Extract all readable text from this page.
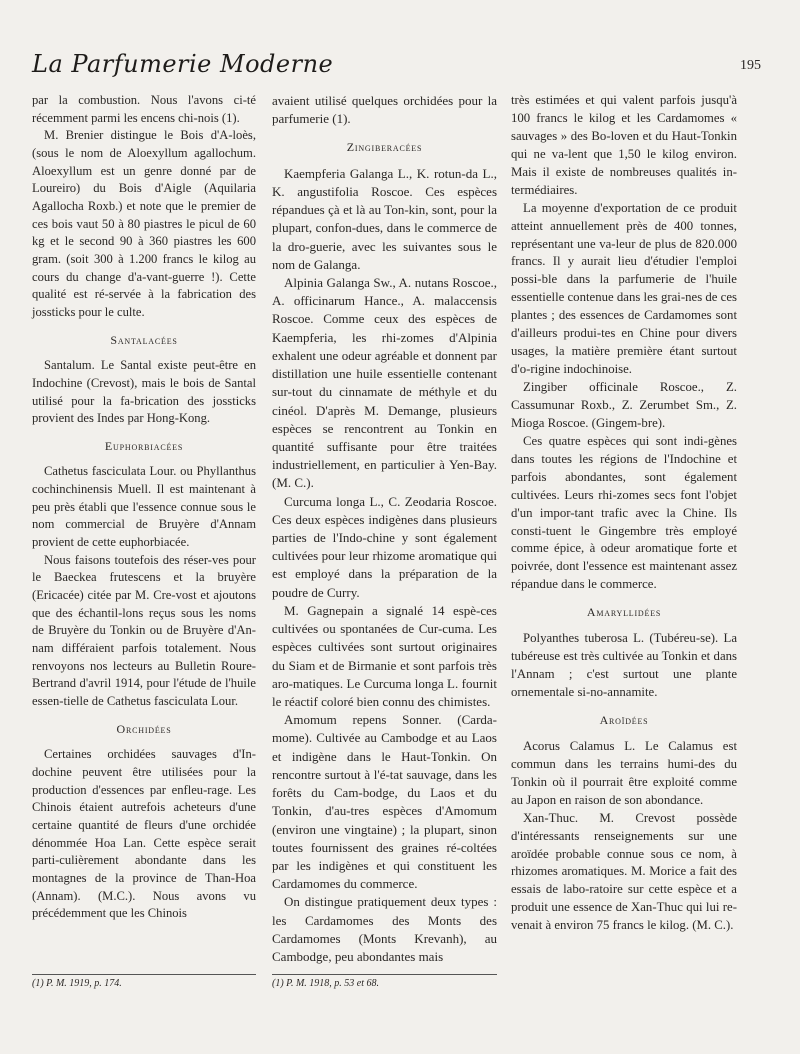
La Parfumerie Moderne	195

par la combustion. Nous l'avons ci-té récemment parmi les encens chi-nois (1).

M. Brenier distingue le Bois d'A-loès, (sous le nom de Aloexyllum agallochum. Aloexyllum est un genre donné par de Loureiro) du Bois d'Aigle (Aquilaria Agallocha Roxb.) et note que le premier de ces bois vaut 50 à 80 piastres le picul de 60 kg et le second 90 à 360 piastres les 600 gram. (soit 300 à 1.200 francs le kilog au cours du change d'a-vant-guerre !). Cette qualité est ré-servée à la fabrication des jossticks pour le culte.

Santalacées

Santalum. Le Santal existe peut-être en Indochine (Crevost), mais le bois de Santal utilisé pour la fa-brication des jossticks provient des Indes par Hong-Kong.

Euphorbiacées

Cathetus fasciculata Lour. ou Phyllanthus cochinchinensis Muell. Il est maintenant à peu près établi que l'essence connue sous le nom commercial de Bruyère d'Annam provient de cette euphorbiacée.

Nous faisons toutefois des réser-ves pour le Baeckea frutescens et la bruyère (Ericacée) citée par M. Cre-vost et ajoutons que des échantil-lons reçus sous les noms de Bruyère du Tonkin ou de Bruyère d'An-nam différaient parfois totalement. Nous renvoyons nos lecteurs au Bulletin Roure-Bertrand d'avril 1914, pour l'étude de l'huile essen-tielle de Cathetus fasciculata Lour.

Orchidées

Certaines orchidées sauvages d'In-dochine peuvent être utilisées pour la production d'essences par enfleu-rage. Les Chinois étaient autrefois acheteurs d'une certaine quantité de fleurs d'une orchidée dénommée Hoa Lan. Cette espèce serait parti-culièrement abondante dans les montagnes de la province de Than-Hoa (Annam). (M.C.). Nous avons vu précédemment que les Chinois

avaient utilisé quelques orchidées pour la parfumerie (1).

Zingiberacées

Kaempferia Galanga L., K. rotun-da L., K. angustifolia Roscoe. Ces espèces répandues çà et là au Ton-kin, sont, pour la plupart, confon-dues, dans le commerce de la dro-guerie, avec les suivantes sous le nom de Galanga.

Alpinia Galanga Sw., A. nutans Roscoe., A. officinarum Hance., A. malaccensis Roscoe. Comme ceux des espèces de Kaempferia, les rhi-zomes d'Alpinia exhalent une odeur agréable et donnent par distillation une huile essentielle contenant sur-tout du cinnamate de méthyle et du cinéol. D'après M. Demange, plusieurs espèces se rencontrent au Tonkin en quantité suffisante pour être traitées industriellement, en particulier à Yen-Bay. (M. C.).

Curcuma longa L., C. Zeodaria Roscoe. Ces deux espèces indigènes dans plusieurs parties de l'Indo-chine y sont également cultivées pour leur rhizome aromatique qui est employé dans la préparation de la poudre de Curry.

M. Gagnepain a signalé 14 espè-ces cultivées ou spontanées de Cur-cuma. Les espèces cultivées sont surtout originaires du Siam et de Birmanie et sont parfois très aro-matiques. Le Curcuma longa L. fournit le réactif coloré bien connu des chimistes.

Amomum repens Sonner. (Carda-mome). Cultivée au Cambodge et au Laos et indigène dans le Haut-Tonkin. On rencontre surtout à l'é-tat sauvage, dans les forêts du Cam-bodge, du Laos et du Tonkin, d'au-tres espèces d'Amomum (environ une vingtaine) ; la plupart, sinon toutes fournissent des graines ré-coltées par les indigènes et qui constituent les Cardamomes du commerce.

On distingue pratiquement deux types : les Cardamomes des Monts des Cardamomes (Monts Krevanh), au Cambodge, peu abondantes mais

très estimées et qui valent parfois jusqu'à 100 francs le kilog et les Cardamomes « sauvages » des Bo-loven et du Haut-Tonkin qui ne va-lent que 1,50 le kilog environ. Mais il existe de nombreuses qualités in-termédiaires.

La moyenne d'exportation de ce produit atteint annuellement près de 400 tonnes, représentant une va-leur de plus de 820.000 francs. Il y aurait lieu d'étudier l'emploi possi-ble dans la parfumerie de l'huile essentielle contenue dans les grai-nes de ces plantes ; des essences de Cardamomes sont d'ailleurs produi-tes en Chine pour divers usages, la matière première étant surtout d'o-rigine indochinoise.

Zingiber officinale Roscoe., Z. Cassumunar Roxb., Z. Zerumbet Sm., Z. Mioga Roscoe. (Gingem-bre).

Ces quatre espèces qui sont indi-gènes dans toutes les régions de l'Indochine et parfois abondantes, sont également cultivées. Leurs rhi-zomes secs font l'objet d'un impor-tant trafic avec la Chine. Ils consti-tuent le Gingembre très employé comme épice, à odeur aromatique forte et poivrée, dont l'essence est maintenant assez répandue dans le commerce.

Amaryllidées

Polyanthes tuberosa L. (Tubéreu-se). La tubéreuse est très cultivée au Tonkin et dans l'Annam ; c'est surtout une plante ornementale si-no-annamite.

Aroïdées

Acorus Calamus L. Le Calamus est commun dans les terrains humi-des du Tonkin où il pourrait être exploité comme au Japon en raison de son abondance.

Xan-Thuc. M. Crevost possède d'intéressants renseignements sur une aroïdée probable connue sous ce nom, à rhizomes aromatiques. M. Morice a fait des essais de labo-ratoire sur cette espèce et a produit une essence de Xan-Thuc qui lui re-venait à environ 75 francs le kilog. (M. C.).

(1) P. M. 1919, p. 174.	(1) P. M. 1918, p. 53 et 68.
